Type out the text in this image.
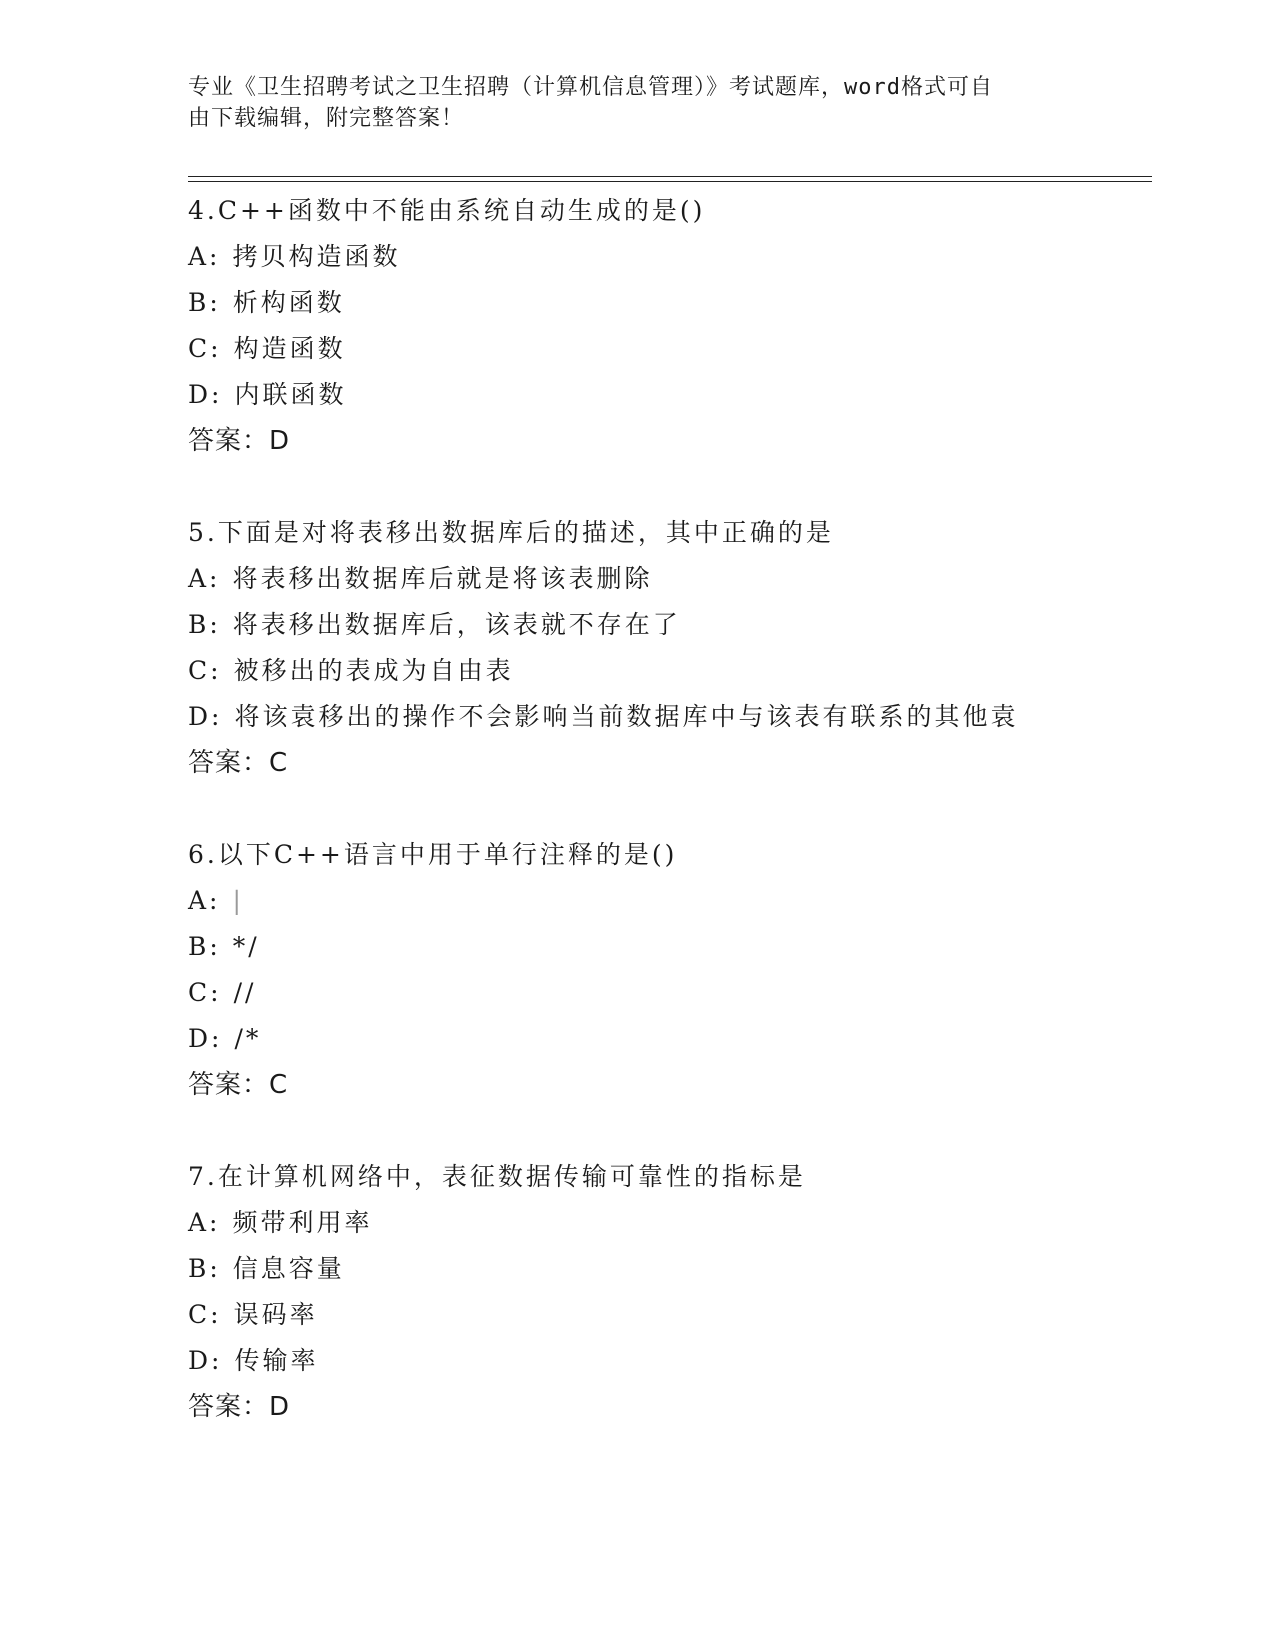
专业《卫生招聘考试之卫生招聘（计算机信息管理）》考试题库，word格式可自
由下载编辑，附完整答案！
4.C++函数中不能由系统自动生成的是()
A: 拷贝构造函数
B: 析构函数
C: 构造函数
D: 内联函数
答案：D
5.下面是对将表移出数据库后的描述，其中正确的是
A: 将表移出数据库后就是将该表删除
B: 将表移出数据库后，该表就不存在了
C: 被移出的表成为自由表
D: 将该袁移出的操作不会影响当前数据库中与该表有联系的其他袁
答案：C
6.以下C++语言中用于单行注释的是()
A: |
B: */
C: //
D: /*
答案：C
7.在计算机网络中，表征数据传输可靠性的指标是
A: 频带利用率
B: 信息容量
C: 误码率
D: 传输率
答案：D
